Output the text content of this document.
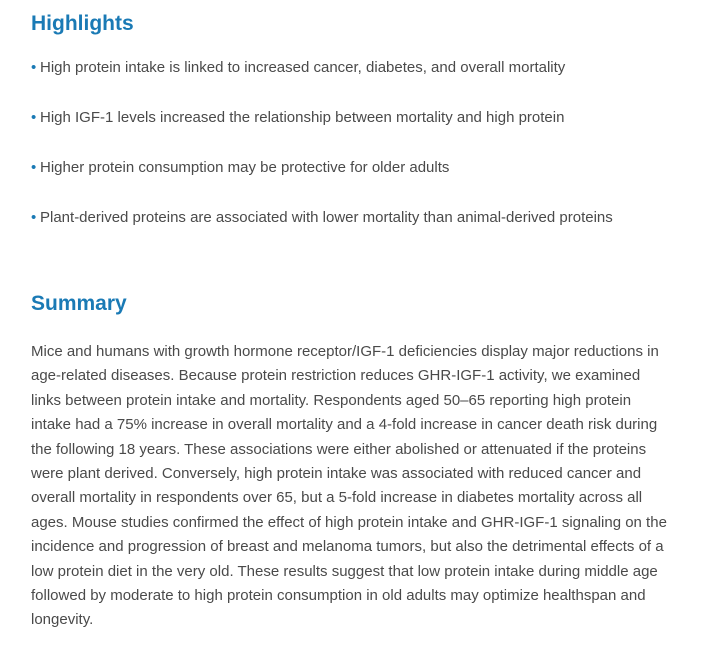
Highlights
• High protein intake is linked to increased cancer, diabetes, and overall mortality
• High IGF-1 levels increased the relationship between mortality and high protein
• Higher protein consumption may be protective for older adults
• Plant-derived proteins are associated with lower mortality than animal-derived proteins
Summary

Mice and humans with growth hormone receptor/IGF-1 deficiencies display major reductions in age-related diseases. Because protein restriction reduces GHR-IGF-1 activity, we examined links between protein intake and mortality. Respondents aged 50–65 reporting high protein intake had a 75% increase in overall mortality and a 4-fold increase in cancer death risk during the following 18 years. These associations were either abolished or attenuated if the proteins were plant derived. Conversely, high protein intake was associated with reduced cancer and overall mortality in respondents over 65, but a 5-fold increase in diabetes mortality across all ages. Mouse studies confirmed the effect of high protein intake and GHR-IGF-1 signaling on the incidence and progression of breast and melanoma tumors, but also the detrimental effects of a low protein diet in the very old. These results suggest that low protein intake during middle age followed by moderate to high protein consumption in old adults may optimize healthspan and longevity.
